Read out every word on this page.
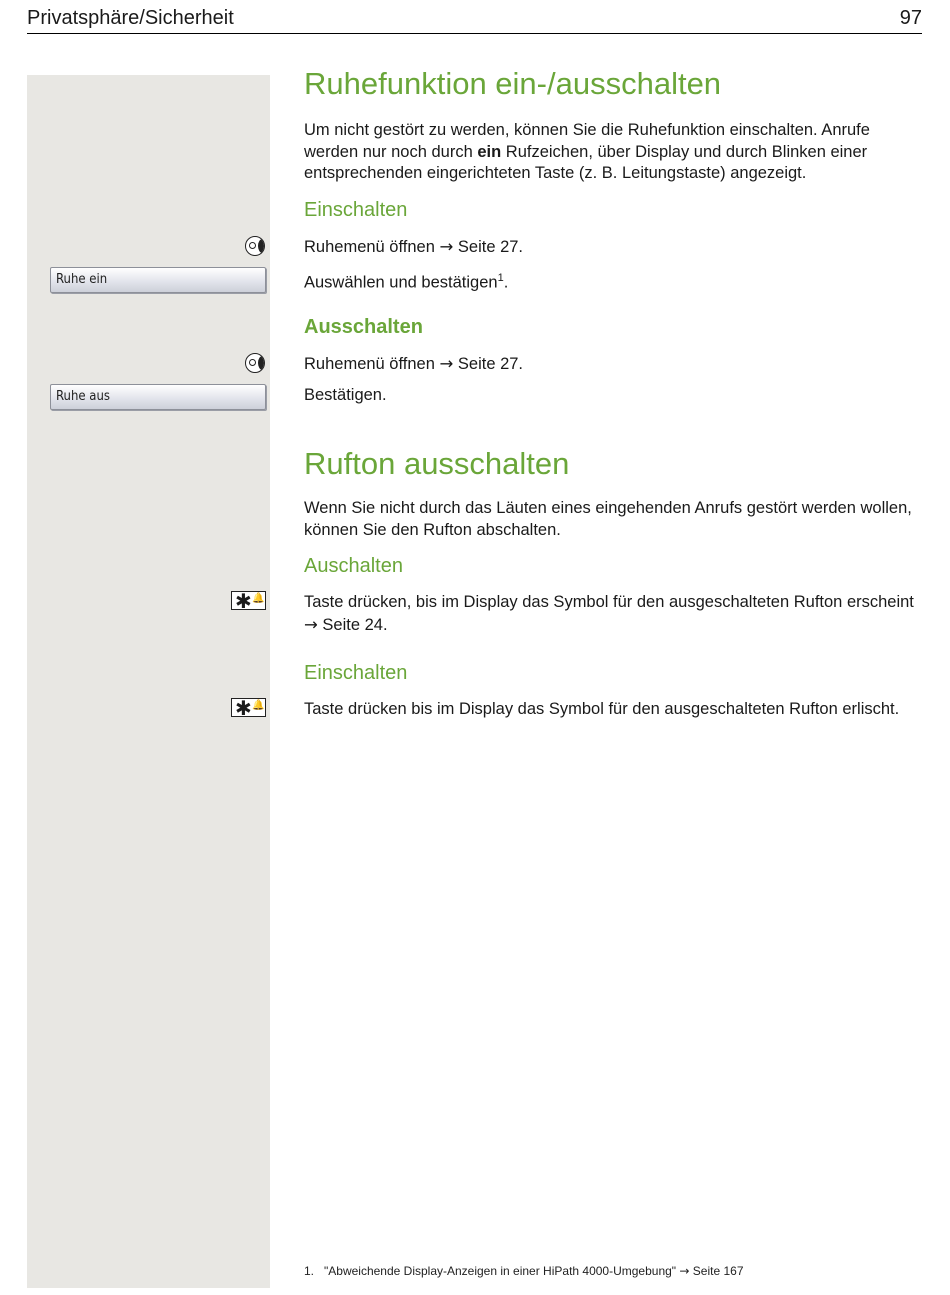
Privatsphäre/Sicherheit	97
Ruhefunktion ein-/ausschalten

Um nicht gestört zu werden, können Sie die Ruhefunktion einschalten. Anrufe werden nur noch durch ein Rufzeichen, über Display und durch Blinken einer entsprechenden eingerichteten Taste (z. B. Leitungstaste) angezeigt.

Einschalten

Ruhemenü öffnen → Seite 27.

Ruhe ein	Auswählen und bestätigen$^1$.

Ausschalten

Ruhemenü öffnen → Seite 27.

Ruhe aus	Bestätigen.

Rufton ausschalten

Wenn Sie nicht durch das Läuten eines eingehenden Anrufs gestört werden wollen, können Sie den Rufton abschalten.

Auschalten
✱ 🔔 Taste drücken, bis im Display das Symbol für den ausgeschalteten Rufton erscheint → Seite 24.

Einschalten
✱ 🔔 Taste drücken bis im Display das Symbol für den ausgeschalteten Rufton erlischt.

1. "Abweichende Display-Anzeigen in einer HiPath 4000-Umgebung" → Seite 167
